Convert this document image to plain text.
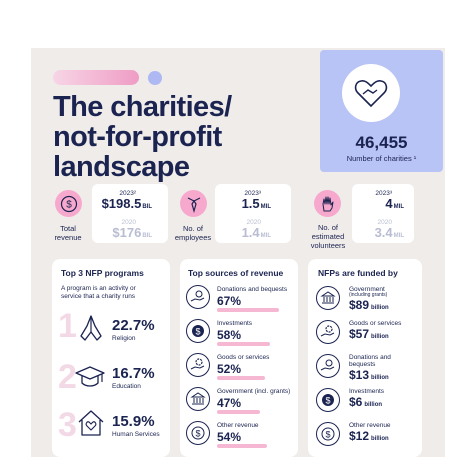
The charities/
not-for-profit
landscape
46,455
Number of charities ¹
$
Total
revenue
2023²
$198.5BIL
2020
$176BIL
No. of
employees
2023³
1.5MIL
2020
1.4MIL
No. of
estimated
volunteers
2023³
4MIL
2020
3.4MIL
Top 3 NFP programs
A program is an activity or
service that a charity runs
1 22.7%
Religion
2 16.7%
Education
3 15.9%
Human Services
Top sources of revenue
Donations and bequests
67%
$
Investments
58%
Goods or services
52%
Government (incl. grants)
47%
$
Other revenue
54%
NFPs are funded by
Government
(including grants)
$89 billion
Goods or services
$57 billion
Donations and
bequests
$13 billion
$
Investments
$6 billion
$
Other revenue
$12 billion
